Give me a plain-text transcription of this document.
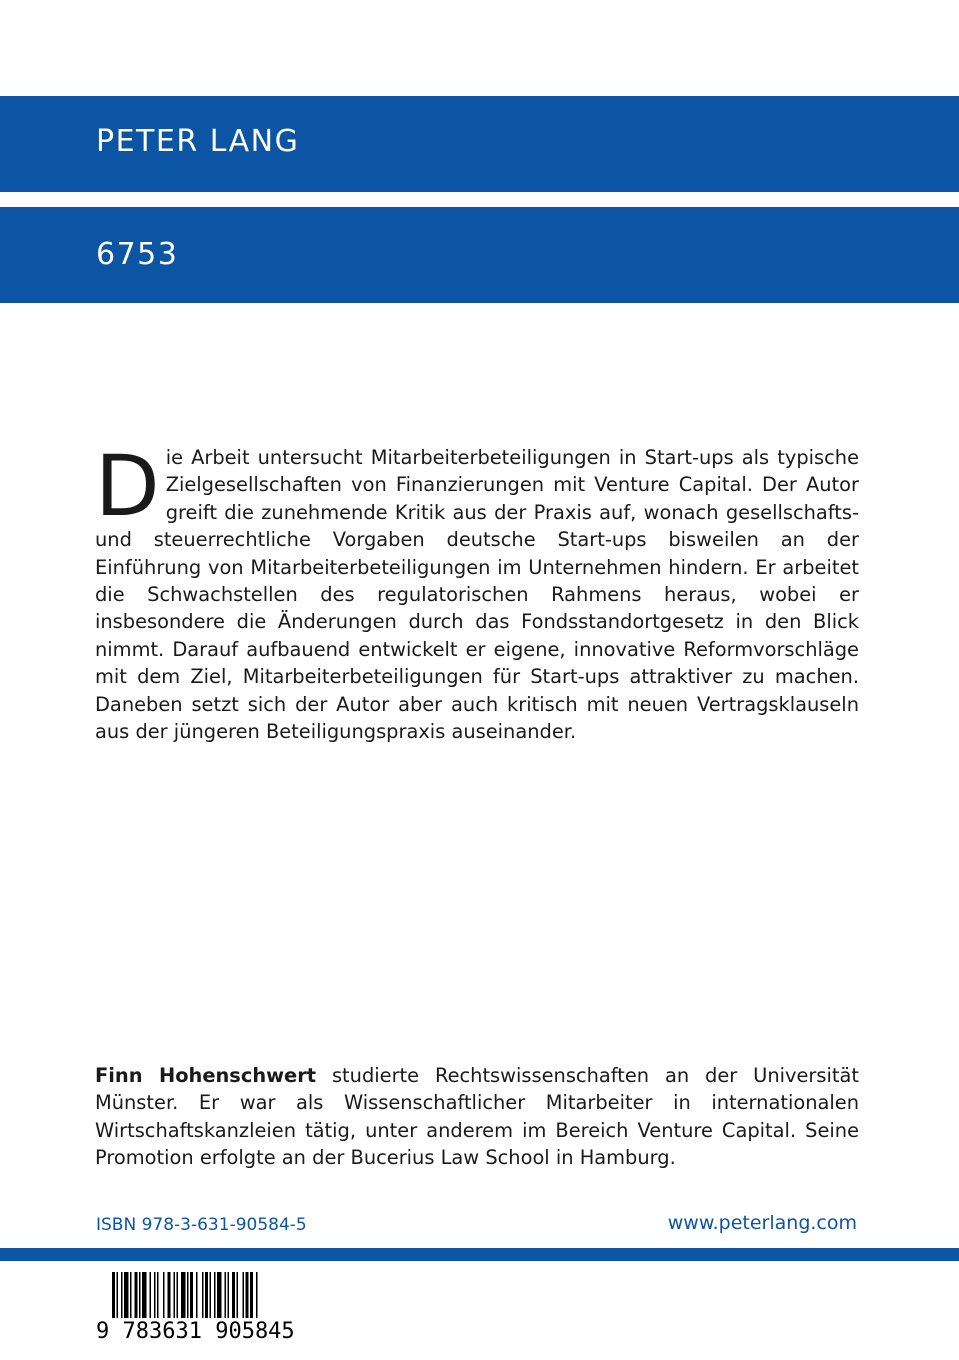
PETER LANG
6753

Die Arbeit untersucht Mitarbeiterbeteiligungen in Start-ups als typische Zielgesellschaften von Finanzierungen mit Venture Capital. Der Autor greift die zunehmende Kritik aus der Praxis auf, wonach gesellschafts- und steuerrechtliche Vorgaben deutsche Start-ups bisweilen an der Einführung von Mitarbeiterbeteiligungen im Unternehmen hindern. Er arbeitet die Schwachstellen des regulatorischen Rahmens heraus, wobei er insbesondere die Änderungen durch das Fondsstandortgesetz in den Blick nimmt. Darauf aufbauend entwickelt er eigene, innovative Reformvorschläge mit dem Ziel, Mitarbeiterbeteiligungen für Start-ups attraktiver zu machen. Daneben setzt sich der Autor aber auch kritisch mit neuen Vertragsklauseln aus der jüngeren Beteiligungspraxis auseinander.

Finn Hohenschwert studierte Rechtswissenschaften an der Universität Münster. Er war als Wissenschaftlicher Mitarbeiter in internationalen Wirtschaftskanzleien tätig, unter anderem im Bereich Venture Capital. Seine Promotion erfolgte an der Bucerius Law School in Hamburg.

ISBN 978-3-631-90584-5	www.peterlang.com
9 783631 905845
